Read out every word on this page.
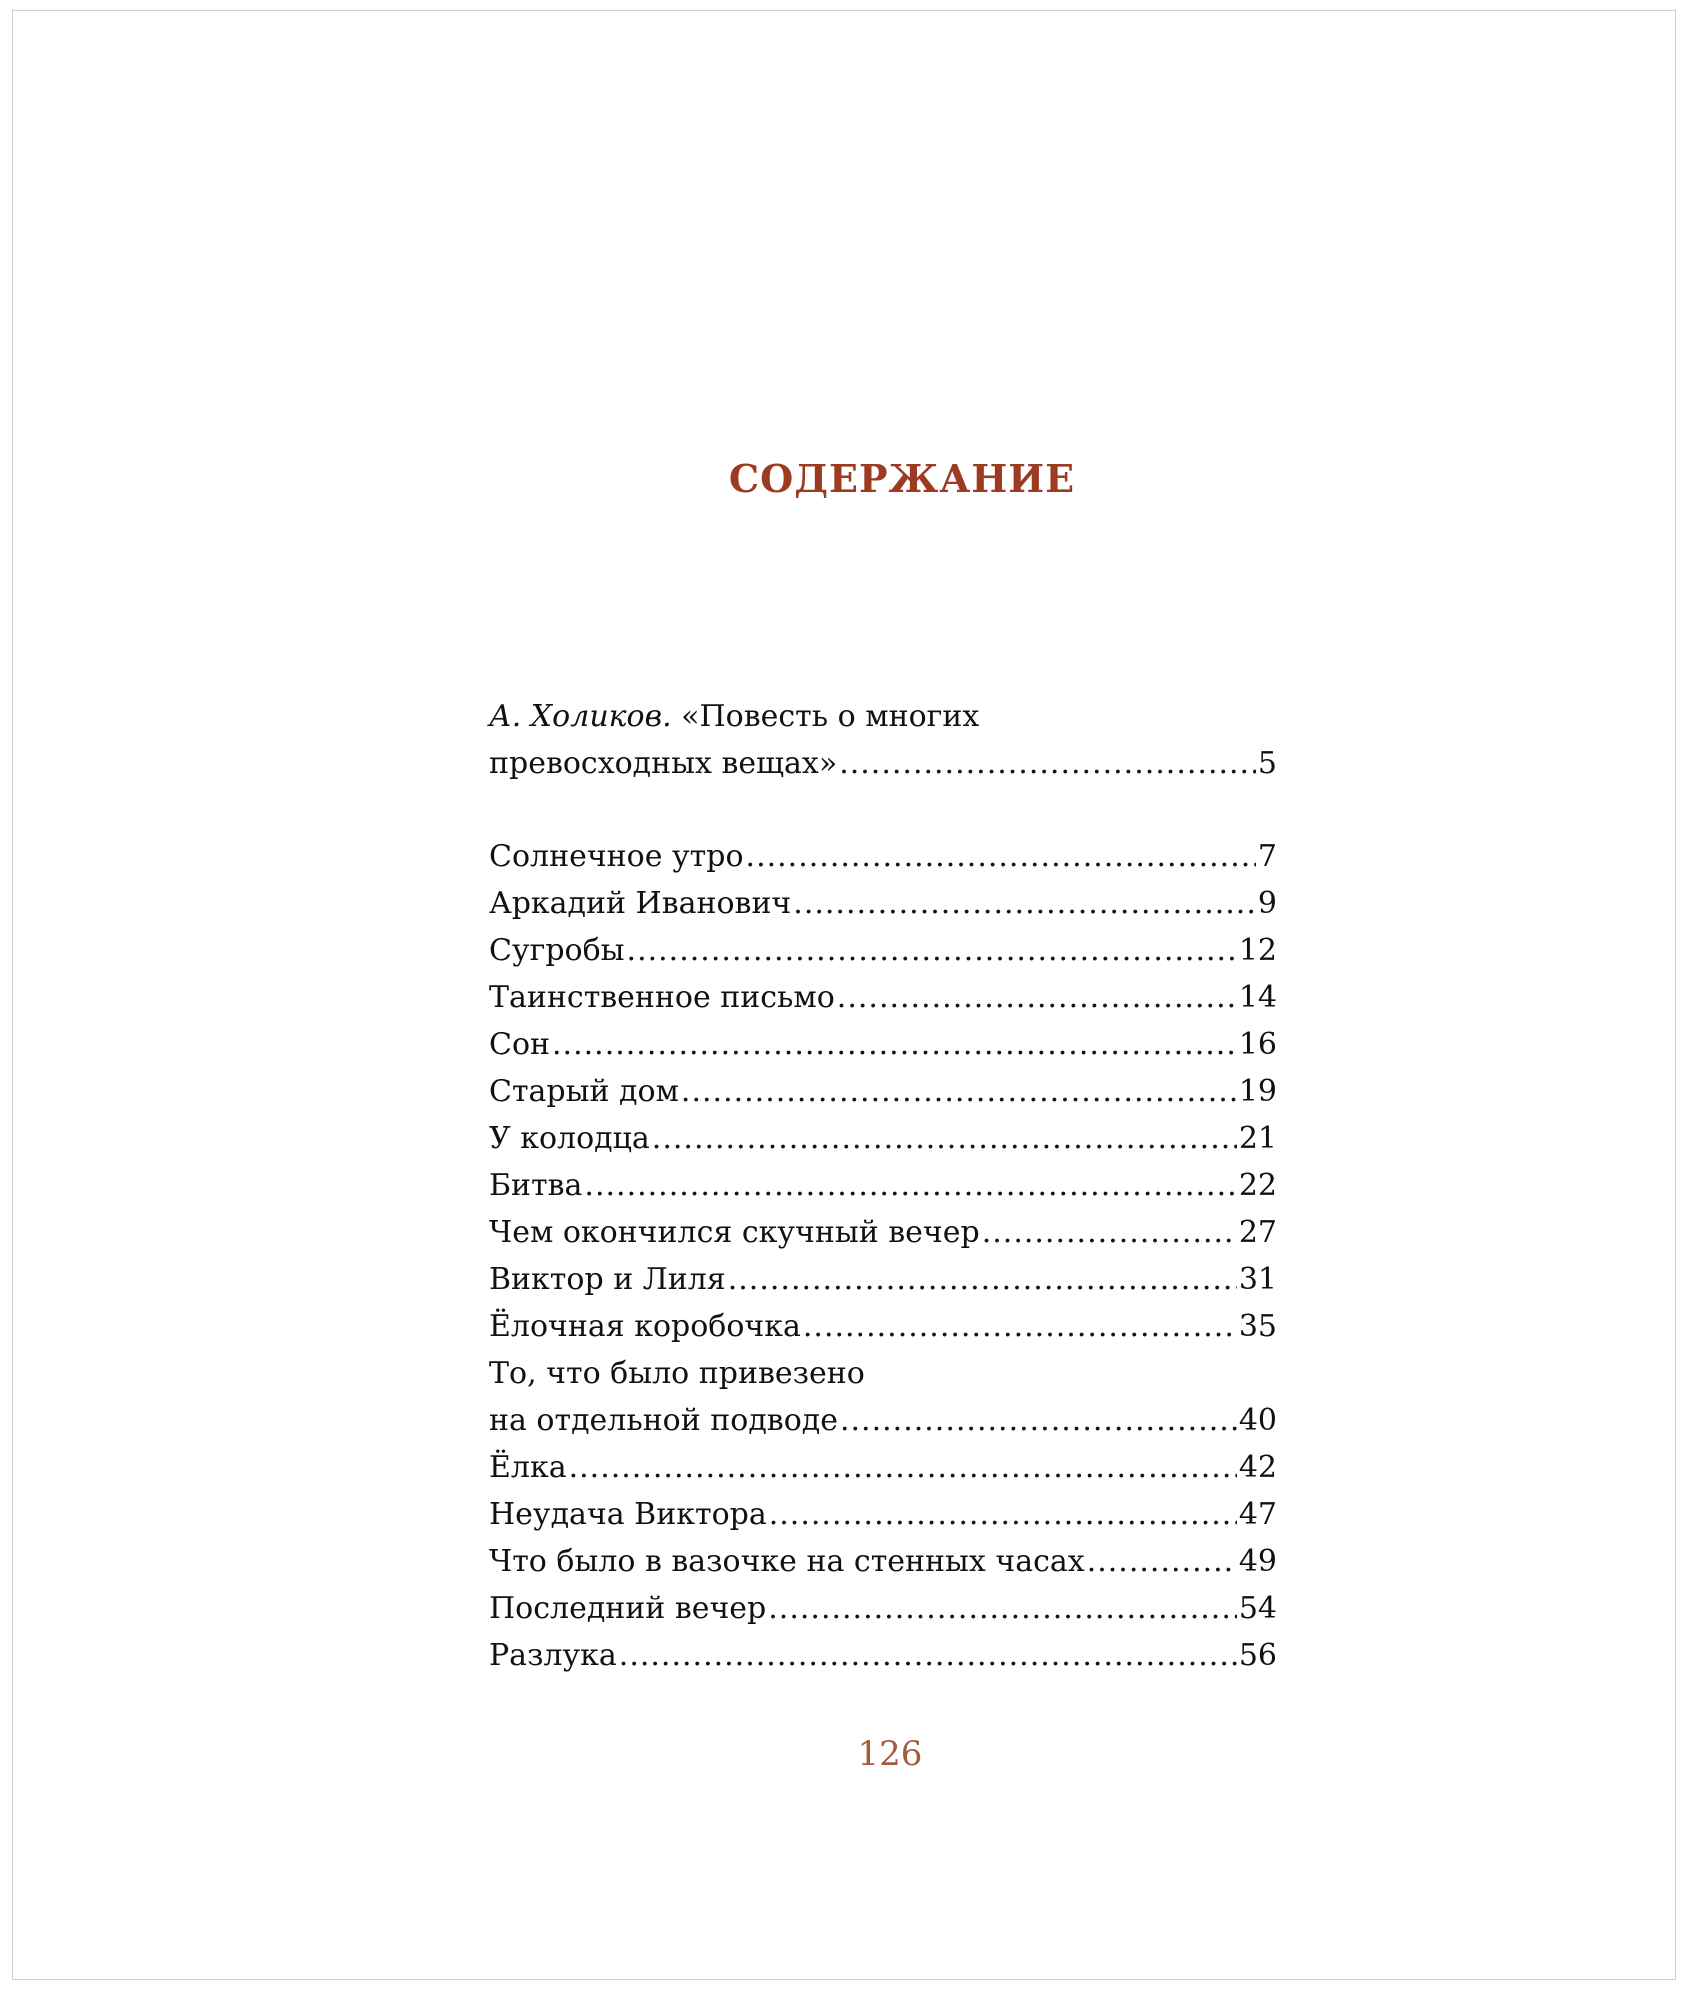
СОДЕРЖАНИЕ
А. Холиков. «Повесть о многих
превосходных вещах» .....	5
Солнечное утро .....	7
Аркадий Иванович .....	9
Сугробы .....	12
Таинственное письмо .....	14
Сон .....	16
Старый дом .....	19
У колодца .....	21
Битва .....	22
Чем окончился скучный вечер .....	27
Виктор и Лиля .....	31
Ёлочная коробочка .....	35
То, что было привезено
на отдельной подводе .....	40
Ёлка .....	42
Неудача Виктора .....	47
Что было в вазочке на стенных часах .....	49
Последний вечер .....	54
Разлука .....	56
126
